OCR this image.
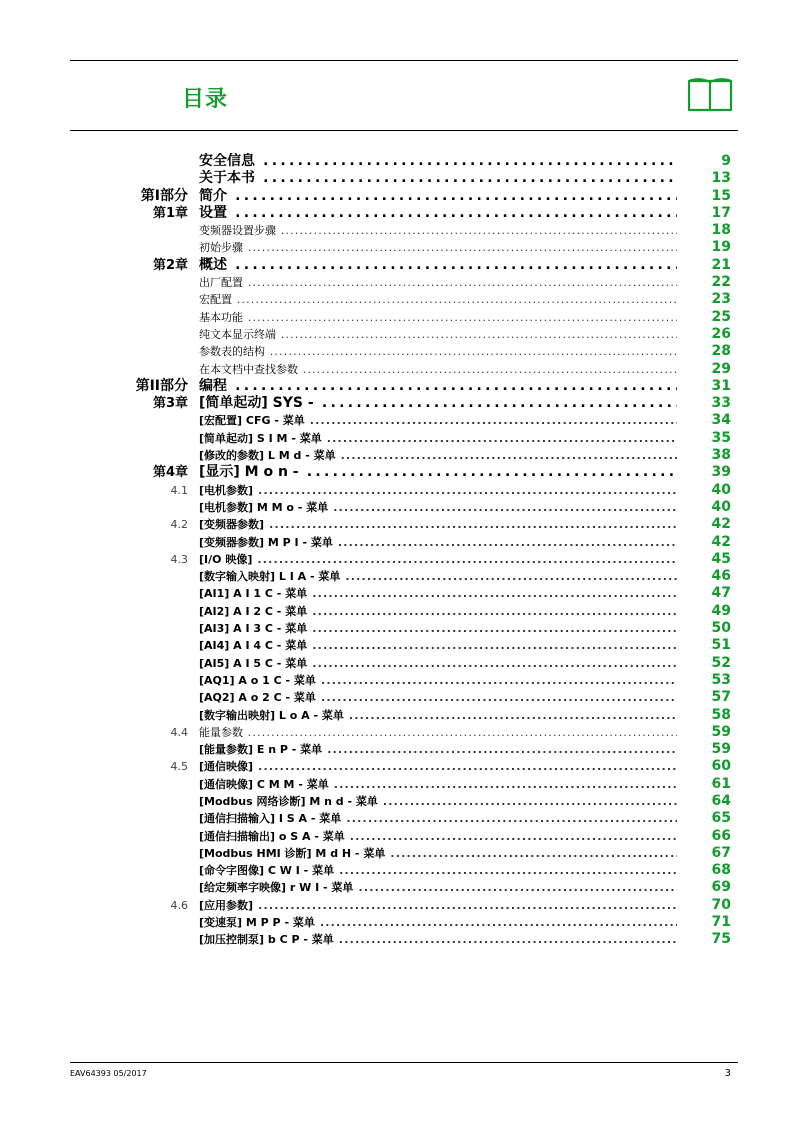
目录
安全信息 .....	9
关于本书 .....	13
第I部分 简介 .....	15
第1章 设置 .....	17
变频器设置步骤 .....	18
初始步骤 .....	19
第2章 概述 .....	21
出厂配置 .....	22
宏配置 .....	23
基本功能 .....	25
纯文本显示终端 .....	26
参数表的结构 .....	28
在本文档中查找参数 .....	29
第II部分 编程 .....	31
第3章 [简单起动] SYS - .....	33
[宏配置] CFG - 菜单 .....	34
[简单起动] S I M - 菜单 .....	35
[修改的参数] L M d - 菜单 .....	38
第4章 [显示] M o n - .....	39
4.1 [电机参数] .....	40
[电机参数] M M o - 菜单 .....	40
4.2 [变频器参数] .....	42
[变频器参数] M P I - 菜单 .....	42
4.3 [I/O 映像] .....	45
[数字输入映射] L I A - 菜单 .....	46
[AI1] A I 1 C - 菜单 .....	47
[AI2] A I 2 C - 菜单 .....	49
[AI3] A I 3 C - 菜单 .....	50
[AI4] A I 4 C - 菜单 .....	51
[AI5] A I 5 C - 菜单 .....	52
[AQ1] A o 1 C - 菜单 .....	53
[AQ2] A o 2 C - 菜单 .....	57
[数字输出映射] L o A - 菜单 .....	58
4.4 能量参数 .....	59
[能量参数] E n P - 菜单 .....	59
4.5 [通信映像] .....	60
[通信映像] C M M - 菜单 .....	61
[Modbus 网络诊断] M n d - 菜单 .....	64
[通信扫描输入] I S A - 菜单 .....	65
[通信扫描输出] o S A - 菜单 .....	66
[Modbus HMI 诊断] M d H - 菜单 .....	67
[命令字图像] C W I - 菜单 .....	68
[给定频率字映像] r W I - 菜单 .....	69
4.6 [应用参数] .....	70
[变速泵] M P P - 菜单 .....	71
[加压控制泵] b C P - 菜单 .....	75
EAV64393 05/2017	3
